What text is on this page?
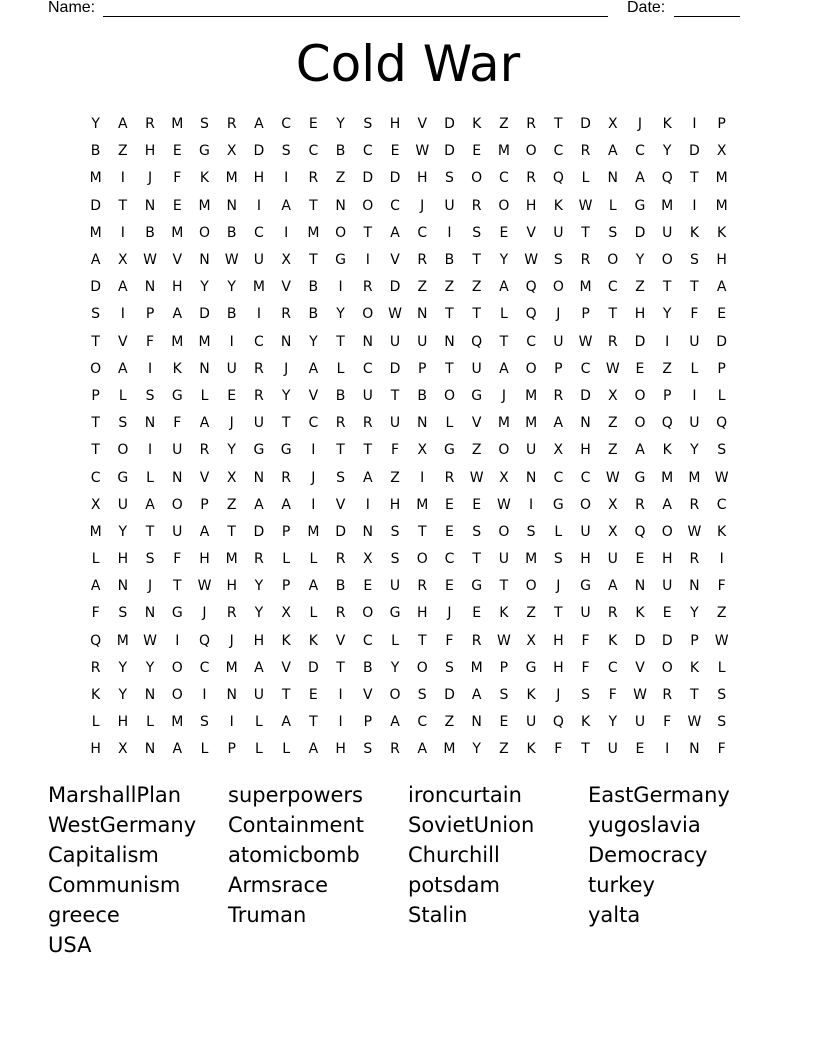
Name:	Date:
Cold War
Y	A	R	M	S	R	A	C	E	Y	S	H	V	D	K	Z	R	T	D	X	J	K	I	P
B	Z	H	E	G	X	D	S	C	B	C	E	W	D	E	M	O	C	R	A	C	Y	D	X
M	I	J	F	K	M	H	I	R	Z	D	D	H	S	O	C	R	Q	L	N	A	Q	T	M
D	T	N	E	M	N	I	A	T	N	O	C	J	U	R	O	H	K	W	L	G	M	I	M
M	I	B	M	O	B	C	I	M	O	T	A	C	I	S	E	V	U	T	S	D	U	K	K
A	X	W	V	N	W	U	X	T	G	I	V	R	B	T	Y	W	S	R	O	Y	O	S	H
D	A	N	H	Y	Y	M	V	B	I	R	D	Z	Z	Z	A	Q	O	M	C	Z	T	T	A
S	I	P	A	D	B	I	R	B	Y	O	W	N	T	T	L	Q	J	P	T	H	Y	F	E
T	V	F	M	M	I	C	N	Y	T	N	U	U	N	Q	T	C	U	W	R	D	I	U	D
O	A	I	K	N	U	R	J	A	L	C	D	P	T	U	A	O	P	C	W	E	Z	L	P
P	L	S	G	L	E	R	Y	V	B	U	T	B	O	G	J	M	R	D	X	O	P	I	L
T	S	N	F	A	J	U	T	C	R	R	U	N	L	V	M	M	A	N	Z	O	Q	U	Q
T	O	I	U	R	Y	G	G	I	T	T	F	X	G	Z	O	U	X	H	Z	A	K	Y	S
C	G	L	N	V	X	N	R	J	S	A	Z	I	R	W	X	N	C	C	W	G	M	M	W
X	U	A	O	P	Z	A	A	I	V	I	H	M	E	E	W	I	G	O	X	R	A	R	C
M	Y	T	U	A	T	D	P	M	D	N	S	T	E	S	O	S	L	U	X	Q	O	W	K
L	H	S	F	H	M	R	L	L	R	X	S	O	C	T	U	M	S	H	U	E	H	R	I
A	N	J	T	W	H	Y	P	A	B	E	U	R	E	G	T	O	J	G	A	N	U	N	F
F	S	N	G	J	R	Y	X	L	R	O	G	H	J	E	K	Z	T	U	R	K	E	Y	Z
Q	M	W	I	Q	J	H	K	K	V	C	L	T	F	R	W	X	H	F	K	D	D	P	W
R	Y	Y	O	C	M	A	V	D	T	B	Y	O	S	M	P	G	H	F	C	V	O	K	L
K	Y	N	O	I	N	U	T	E	I	V	O	S	D	A	S	K	J	S	F	W	R	T	S
L	H	L	M	S	I	L	A	T	I	P	A	C	Z	N	E	U	Q	K	Y	U	F	W	S
H	X	N	A	L	P	L	L	A	H	S	R	A	M	Y	Z	K	F	T	U	E	I	N	F
MarshallPlan	superpowers	ironcurtain	EastGermany
WestGermany	Containment	SovietUnion	yugoslavia
Capitalism	atomicbomb	Churchill	Democracy
Communism	Armsrace	potsdam	turkey
greece	Truman	Stalin	yalta
USA
